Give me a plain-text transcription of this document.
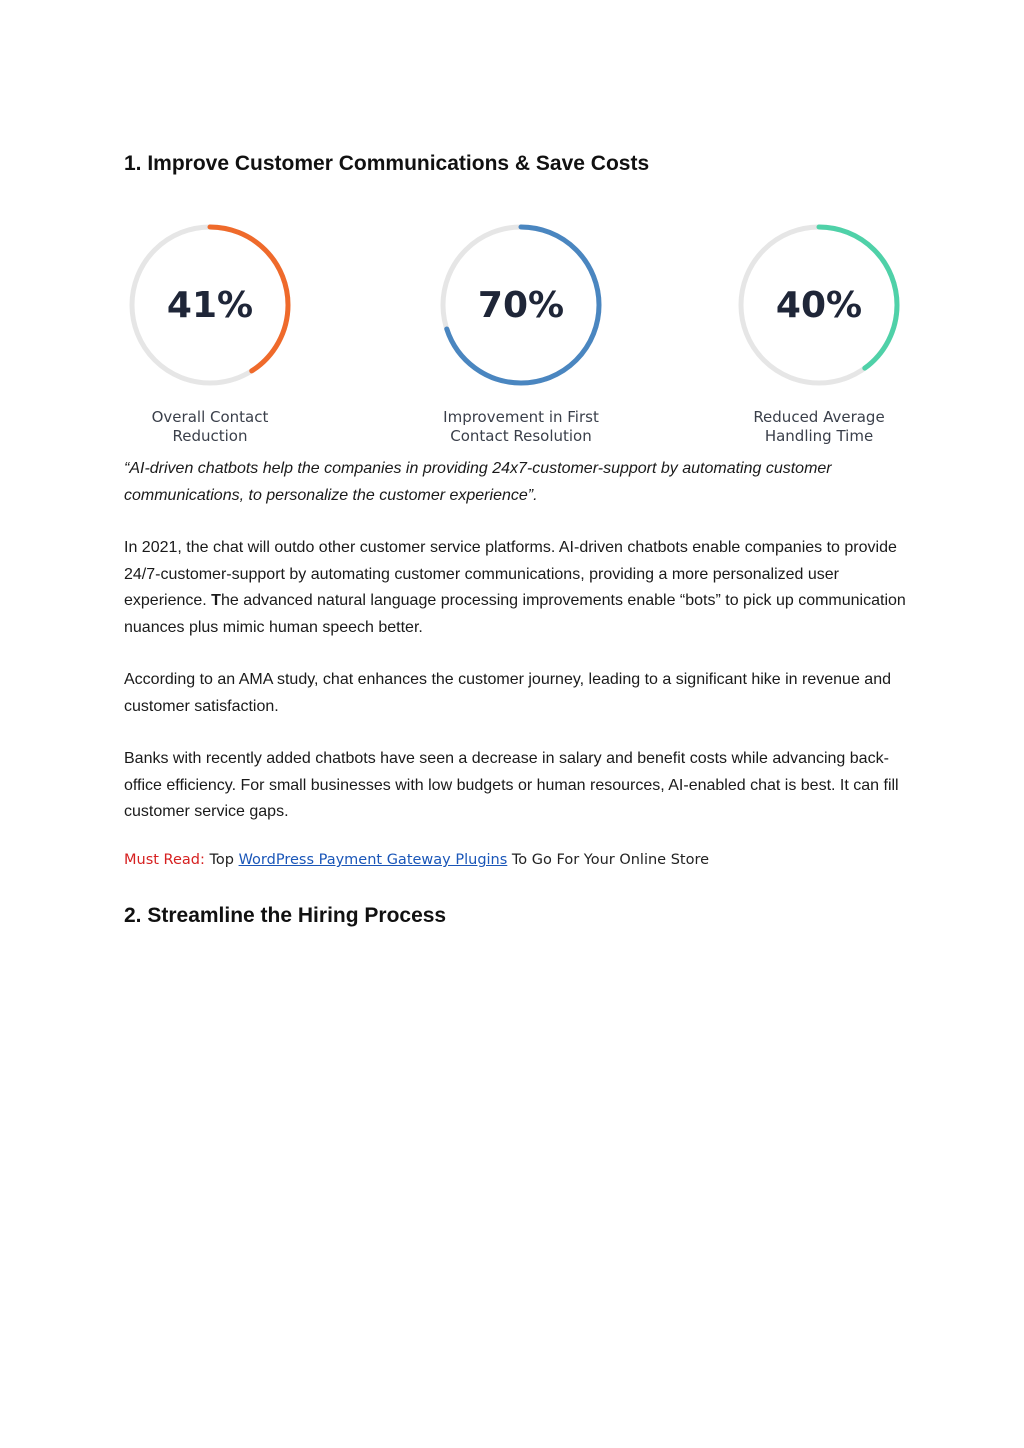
1. Improve Customer Communications & Save Costs
41%
Overall Contact
Reduction
70%
Improvement in First
Contact Resolution
40%
Reduced Average
Handling Time

“AI-driven chatbots help the companies in providing 24x7-customer-support by automating customer communications, to personalize the customer experience”.

In 2021, the chat will outdo other customer service platforms. AI-driven chatbots enable companies to provide 24/7-customer-support by automating customer communications, providing a more personalized user experience. The advanced natural language processing improvements enable “bots” to pick up communication nuances plus mimic human speech better.

According to an AMA study, chat enhances the customer journey, leading to a significant hike in revenue and customer satisfaction.

Banks with recently added chatbots have seen a decrease in salary and benefit costs while advancing back-office efficiency. For small businesses with low budgets or human resources, AI-enabled chat is best. It can fill customer service gaps.

Must Read: Top WordPress Payment Gateway Plugins To Go For Your Online Store
2. Streamline the Hiring Process
